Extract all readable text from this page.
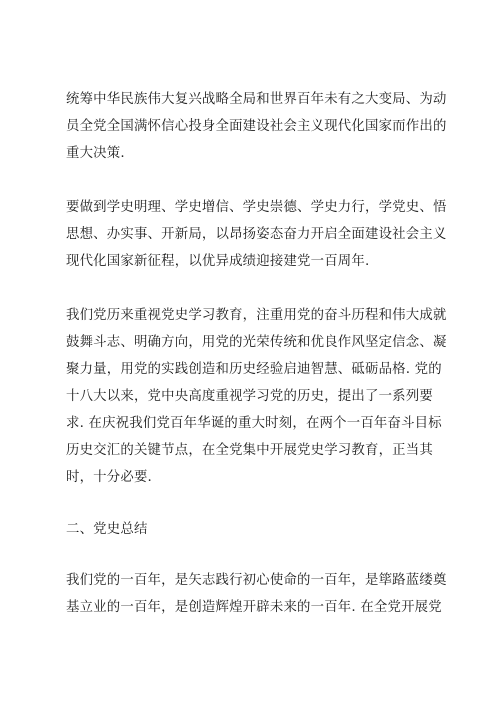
统筹中华民族伟大复兴战略全局和世界百年未有之大变局、为动
员全党全国满怀信心投身全面建设社会主义现代化国家而作出的
重大决策.
要做到学史明理、学史增信、学史崇德、学史力行，学党史、悟
思想、办实事、开新局，以昂扬姿态奋力开启全面建设社会主义
现代化国家新征程，以优异成绩迎接建党一百周年.
我们党历来重视党史学习教育，注重用党的奋斗历程和伟大成就
鼓舞斗志、明确方向，用党的光荣传统和优良作风坚定信念、凝
聚力量，用党的实践创造和历史经验启迪智慧、砥砺品格. 党的
十八大以来，党中央高度重视学习党的历史，提出了一系列要
求. 在庆祝我们党百年华诞的重大时刻，在两个一百年奋斗目标
历史交汇的关键节点，在全党集中开展党史学习教育，正当其
时，十分必要.
二、党史总结
我们党的一百年，是矢志践行初心使命的一百年，是筚路蓝缕奠
基立业的一百年，是创造辉煌开辟未来的一百年. 在全党开展党
